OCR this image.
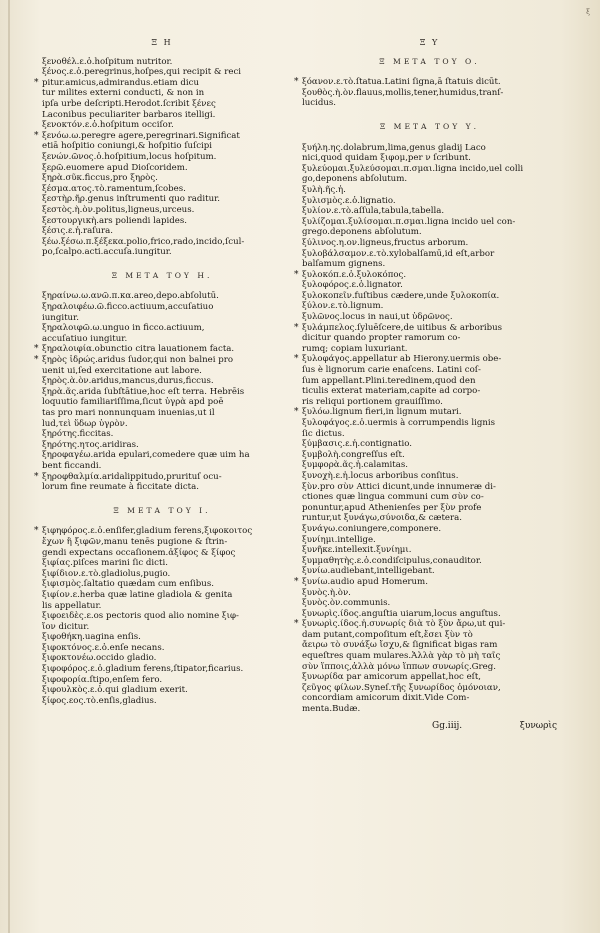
ξ
Ξ Η
ξενοθέλ.ε.ὁ.hoſpitum nutritor.
ξένος.ε.ὁ.peregrinus,hoſpes,qui recipit & reci
* pitur.amicus,admirandus.etiam dicu
tur milites externi conducti, & non in
ipſa urbe deſcripti.Herodot.ſcribit ξένες
Laconibus peculiariter barbaros itelligi.
ξενοκτόν.ε.ὁ.hoſpitum occiſor.
* ξενόω.ω.peregre agere,peregrinari.Significat
etiā hoſpitio coniungi,& hoſpitio ſuſcipi
ξενών.ῶνος.ὁ.hoſpitium,locus hoſpitum.
ξερῶ.euomere apud Dioſcoridem.
ξηρὰ.σῦκ.ficcus,pro ξηρὸς.
ξέσμα.ατος.τὸ.ramentum,ſcobes.
ξεστὴρ.ῆρ.genus inſtrumenti quo raditur.
ξεστὸς.ὴ.ὸν.politus,ligneus,urceus.
ξεστουργικὴ.ars poliendi lapides.
ξέσις.ε.ἡ.raſura.
ξέω.ξέσω.π.ξέξεκα.polio,frico,rado,incido,ſcul-
po,ſcalpo.acti.accuſa.iungitur.
Ξ ΜΕΤΑ ΤΟΥ Η.
ξηραίνω.ω.ανῶ.π.κα.areo,depo.abſolutū.
ξηραλοιφέω.ῶ.ficco.actiuum,accuſatiuo
iungitur.
ξηραλοιφῶ.ω.unguo in ficco.actiuum,
accuſatiuo iungitur.
* ξηραλοιφία.obunctio citra lauationem facta.
* ξηρὸς ἱδρώς.aridus ſudor,qui non balnei pro
uenit ui,ſed exercitatione aut labore.
ξηρὸς.ὰ.ὸν.aridus,mancus,durus,ficcus.
ξηρὰ.ᾶς.arida ſubſtātiue,hoc eſt terra. Hebrēis
loquutio familiariſſima,ſicut ὑγρὰ apd poē
tas pro mari nonnunquam inuenias,ut il
lud,τεὶ ὕδωρ ὑγρὸν.
ξηρότης.ficcitas.
ξηρότης.ητος.aridiras.
ξηροφαγέω.arida epulari,comedere quæ uim ha
bent ficcandi.
* ξηροφθαλμία.aridalippitudo,prurituſ ocu-
lorum fine reumate à ficcitate dicta.
Ξ ΜΕΤΑ ΤΟΥ Ι.
* ξιφηφόρος.ε.ὁ.enſifer,gladium ferens,ξιφοκοιτος
ἔχων ἢ ξιφῶν,manu tenēs pugione & ſtrin-
gendi expectans occaſionem.ἀξίφος & ξίφος
ξιφίας.piſces marini ſic dicti.
ξιφίδιον.ε.τὸ.gladiolus,pugio.
ξιφισμὸς.ſaltatio quædam cum enſibus.
ξιφίον.ε.herba quæ latine gladiola & genita
lis appellatur.
ξιφοειδὲς.ε.os pectoris quod alio nomine ξιφ-
ἴον dicitur.
ξιφοθήκη.uagina enſis.
ξιφοκτόνος.ε.ὁ.enſe necans.
ξιφοκτονέω.occido gladio.
ξιφοφόρος.ε.ὁ.gladium ferens,ſtipator,ficarius.
ξιφοφορία.ſtipo,enſem fero.
ξιφουλκὸς.ε.ὁ.qui gladium exerit.
ξίφος.εος.τὸ.enſis,gladius.
Ξ Υ
Ξ ΜΕΤΑ ΤΟΥ Ο.
* ξόανον.ε.τὸ.ſtatua.Latini ſigna,ā ſtatuis dicūt.
ξουθὸς.ὴ.ὸν.flauus,mollis,tener,humidus,tranſ-
lucidus.
Ξ ΜΕΤΑ ΤΟΥ Υ.
ξυήλη.ης.dolabrum,lima,genus gladij Laco
nici,quod quidam ξιφομ,per ν ſcribunt.
ξυλεύομαι.ξυλεύσομαι.π.σμαι.ligna incido,uel colli
go,deponens abſolutum.
ξυλὴ.ῆς.ἡ.
ξυλισμὸς.ε.ὁ.lignatio.
ξυλίον.ε.τὸ.aſſula,tabula,tabella.
ξυλίζομαι.ξυλίσομαι.π.σμαι.ligna incido uel con-
grego.deponens abſolutum.
ξύλινος.η.ον.ligneus,fructus arborum.
ξυλοβάλσαμον.ε.τὸ.xylobalſamū,id eſt,arbor
balſamum gignens.
* ξυλοκόπ.ε.ὁ.ξυλοκόπος.
ξυλοφόρος.ε.ὁ.lignator.
ξυλοκοπεῖν.fuſtibus cædere,unde ξυλοκοπία.
ξύλον.ε.τὸ.lignum.
ξυλῶνος.locus in naui,ut ὑδρῶνος.
* ξυλάμπελος.ſyluēſcere,de uitibus & arboribus
dicitur quando propter ramorum co-
rumq; copiam luxuriant.
* ξυλοφάγος.appellatur ab Hierony.uermis obe-
ſus è lignorum carie enaſcens. Latini coſ-
ſum appellant.Plini.teredinem,quod den
ticulis exterat materiam,capite ad corpo-
ris reliqui portionem grauiſſimo.
* ξυλόω.lignum fieri,in lignum mutari.
ξυλοφάγος.ε.ὁ.uermis à corrumpendis lignis
ſic dictus.
ξύμβασις.ε.ἡ.contignatio.
ξυμβολὴ.congreſſus eſt.
ξυμφορὰ.ᾶς.ἡ.calamitas.
ξυνοχὴ.ε.ἡ.locus arboribus conſitus.
ξὺν.pro σὺν Attici dicunt,unde innumeræ di-
ctiones quæ lingua communi cum σὺν co-
ponuntur,apud Athenienſes per ξὺν profe
runtur,ut ξυνάγω,σύνοιδα,& cætera.
ξυνάγω.coniungere,componere.
ξυνίημι.intellige.
ξυνῆκε.intellexit.ξυνίημι.
ξυμμαθητὴς.ε.ὁ.condiſcipulus,conauditor.
ξυνίω.audiebant,intelligebant.
* ξυνίω.audio apud Homerum.
ξυνὸς.ὴ.ὸν.
ξυνὸς.ὸν.communis.
ξυνωρὶς.ίδος.anguſtia uiarum,locus anguſtus.
* ξυνωρὶς.ίδος.ἡ.συνωρίς διὰ τὸ ξὺν ἄρω,ut qui-
dam putant,compoſitum eſt,ἔσει ξὺν τὸ
ἄειρω τὸ συνάξω ἴσχυ,& ſignificat bigas ram
equeſtres quam mulares.Ἀλλὰ γὰρ τὸ μὴ ταῖς
σὺν ἵπποις,ἀλλὰ μόνω ἵππων συνωρίς.Greg.
ξυνωρίδα par amicorum appellat,hoc eſt,
ζεῦγος φίλων.Syneſ.τῆς ξυνωρίδος ὁμόνοιαν,
concordiam amicorum dixit.Vide Com-
menta.Budæ.
Gg.iiij.	ξυνωρὶς
